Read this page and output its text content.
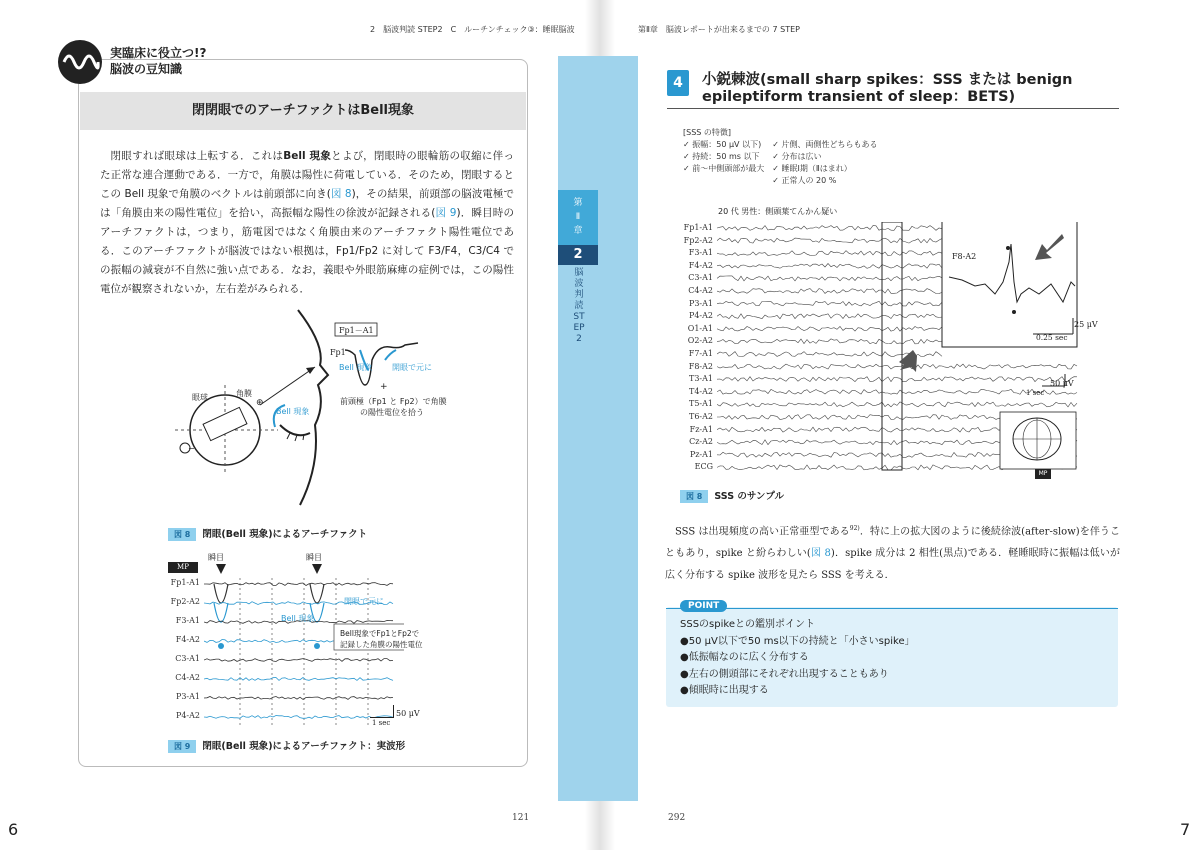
第
Ⅱ
章
2
脳波判読STEP2
2　脳波判読 STEP2　C　ルーチンチェック③：睡眠脳波
実臨床に役立つ!?
脳波の豆知識
閉閉眼でのアーチファクトはBell現象
閉眼すれば眼球は上転する．これはBell 現象とよび，閉眼時の眼輪筋の収縮に伴った正常な連合運動である．一方で，角膜は陽性に荷電している．そのため，閉眼するとこの Bell 現象で角膜のベクトルは前頭部に向き(図 8)，その結果，前頭部の脳波電極では「角膜由来の陽性電位」を拾い，高振幅な陽性の徐波が記録される(図 9)．瞬目時のアーチファクトは，つまり，筋電図ではなく角膜由来のアーチファクト陽性電位である．このアーチファクトが脳波ではない根拠は，Fp1/Fp2 に対して F3/F4，C3/C4 での振幅の減衰が不自然に強い点である．なお，義眼や外眼筋麻痺の症例では，この陽性電位が観察されないか，左右差がみられる．
眼球	角膜
Bell 現象
Fp1－A1
Fp1
Bell 現象 開眼で元に
+
前頭極（Fp1 と Fp2）で角膜
の陽性電位を拾う
−
⊕
図 8 閉眼(Bell 現象)によるアーチファクト
瞬目	瞬目
MP
Fp1-A1
Fp2-A2
F3-A1
F4-A2
C3-A1
C4-A2
P3-A1
P4-A2
Bell 現象
開眼で元に
Bell現象でFp1とFp2で
記録した角膜の陽性電位
50 μV
1 sec
図 9 閉眼(Bell 現象)によるアーチファクト：実波形
121
6
第Ⅱ章　脳波レポートが出来るまでの 7 STEP
4	小鋭棘波(small sharp spikes：SSS または benign epileptiform transient of sleep：BETS)
[SSS の特徴]
✓ 振幅：50 μV 以下)
✓ 持続：50 ms 以下
✓ 前〜中側頭部が最大
✓ 片側、両側性どちらもある
✓ 分布は広い
✓ 睡眠Ⅰ期（Ⅱはまれ）
✓ 正常人の 20 %
20 代 男性：側頭葉てんかん疑い
Fp1-A1
Fp2-A2
F3-A1
F4-A2
C3-A1
C4-A2
P3-A1
P4-A2
O1-A1
O2-A2
F7-A1
F8-A2
T3-A1
T4-A2
T5-A1
T6-A2
Fz-A1
Cz-A2
Pz-A1
ECG
F8-A2
25 μV
0.25 sec
50 μV
1 sec
MP
図 8 SSS のサンプル
SSS は出現頻度の高い正常亜型である$^{92)}$．特に上の拡大図のように後続徐波(after-slow)を伴うこともあり，spike と紛らわしい(図 8)．spike 成分は 2 相性(黒点)である．軽睡眠時に振幅は低いが広く分布する spike 波形を見たら SSS を考える．
POINT
SSSのspikeとの鑑別ポイント
●50 μV以下で50 ms以下の持続と「小さいspike」
●低振幅なのに広く分布する
●左右の側頭部にそれぞれ出現することもあり
●傾眠時に出現する
292
7
